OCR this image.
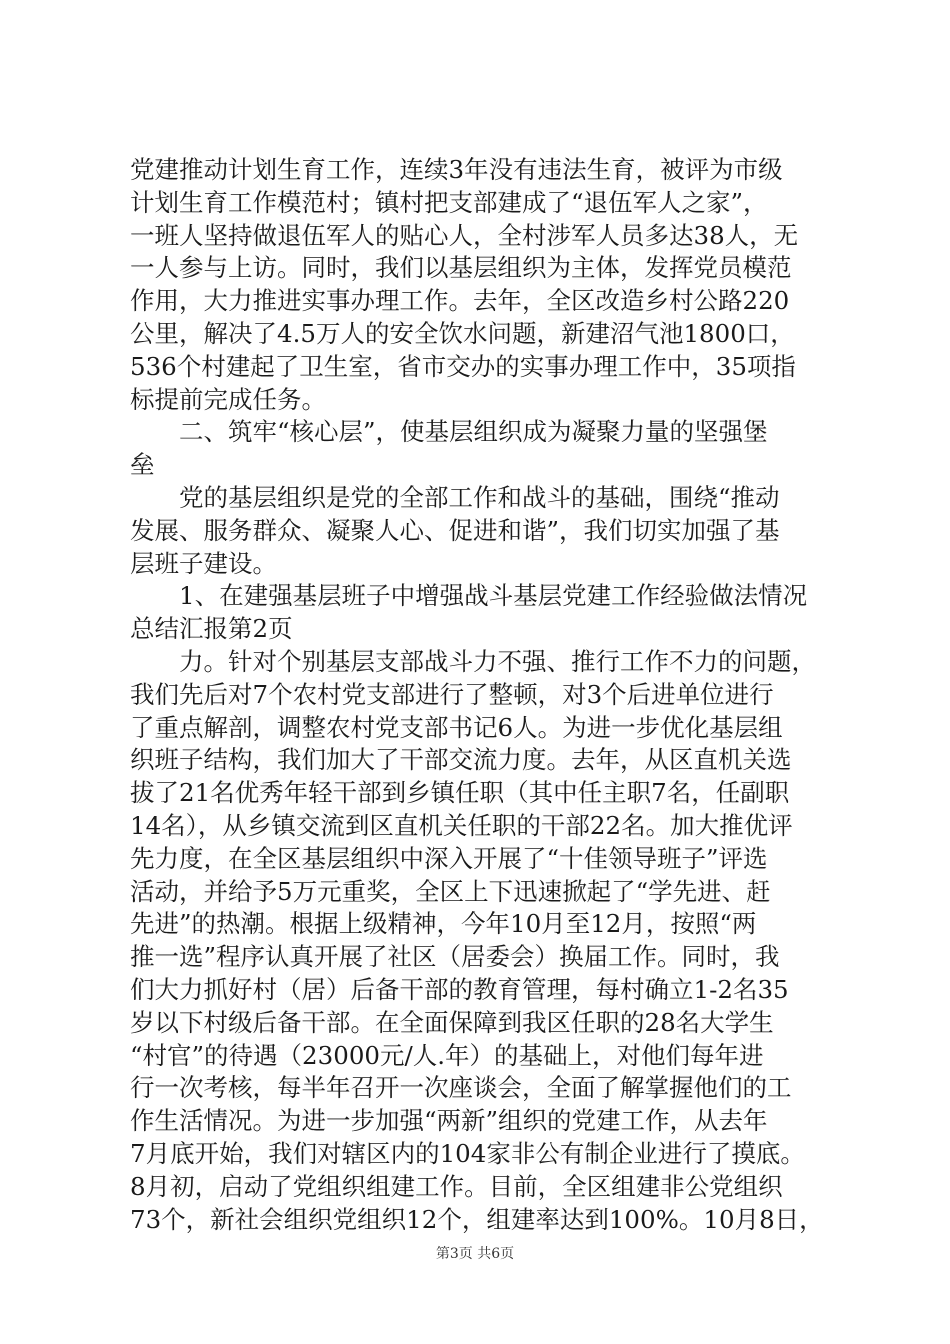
党建推动计划生育工作，连续3年没有违法生育，被评为市级
计划生育工作模范村；镇村把支部建成了“退伍军人之家”，
一班人坚持做退伍军人的贴心人，全村涉军人员多达38人，无
一人参与上访。同时，我们以基层组织为主体，发挥党员模范
作用，大力推进实事办理工作。去年，全区改造乡村公路220
公里，解决了4.5万人的安全饮水问题，新建沼气池1800口，
536个村建起了卫生室，省市交办的实事办理工作中，35项指
标提前完成任务。
　　二、筑牢“核心层”，使基层组织成为凝聚力量的坚强堡
垒
　　党的基层组织是党的全部工作和战斗的基础，围绕“推动
发展、服务群众、凝聚人心、促进和谐”，我们切实加强了基
层班子建设。
　　1、在建强基层班子中增强战斗基层党建工作经验做法情况
总结汇报第2页
　　力。针对个别基层支部战斗力不强、推行工作不力的问题，
我们先后对7个农村党支部进行了整顿，对3个后进单位进行
了重点解剖，调整农村党支部书记6人。为进一步优化基层组
织班子结构，我们加大了干部交流力度。去年，从区直机关选
拔了21名优秀年轻干部到乡镇任职（其中任主职7名，任副职
14名），从乡镇交流到区直机关任职的干部22名。加大推优评
先力度，在全区基层组织中深入开展了“十佳领导班子”评选
活动，并给予5万元重奖，全区上下迅速掀起了“学先进、赶
先进”的热潮。根据上级精神，今年10月至12月，按照“两
推一选”程序认真开展了社区（居委会）换届工作。同时，我
们大力抓好村（居）后备干部的教育管理，每村确立1-2名35
岁以下村级后备干部。在全面保障到我区任职的28名大学生
“村官”的待遇（23000元/人.年）的基础上，对他们每年进
行一次考核，每半年召开一次座谈会，全面了解掌握他们的工
作生活情况。为进一步加强“两新”组织的党建工作，从去年
7月底开始，我们对辖区内的104家非公有制企业进行了摸底。
8月初，启动了党组织组建工作。目前，全区组建非公党组织
73个，新社会组织党组织12个，组建率达到100%。10月8日，
第3页 共6页
